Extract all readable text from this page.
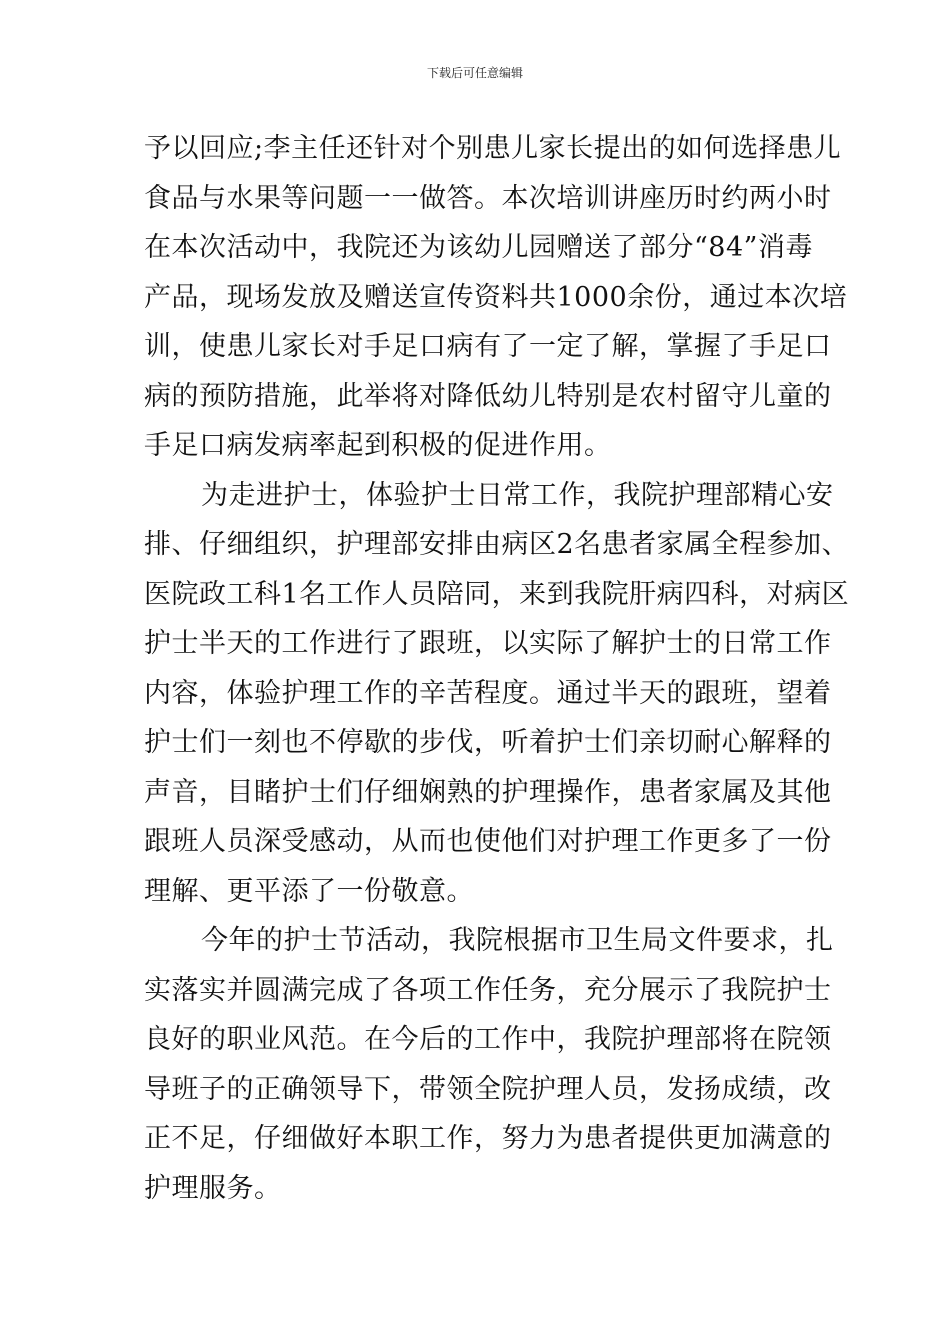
下载后可任意编辑
予以回应;李主任还针对个别患儿家长提出的如何选择患儿
食品与水果等问题一一做答。本次培训讲座历时约两小时
在本次活动中，我院还为该幼儿园赠送了部分“84”消毒
产品，现场发放及赠送宣传资料共1000余份，通过本次培
训，使患儿家长对手足口病有了一定了解，掌握了手足口
病的预防措施，此举将对降低幼儿特别是农村留守儿童的
手足口病发病率起到积极的促进作用。
为走进护士，体验护士日常工作，我院护理部精心安
排、仔细组织，护理部安排由病区2名患者家属全程参加、
医院政工科1名工作人员陪同，来到我院肝病四科，对病区
护士半天的工作进行了跟班，以实际了解护士的日常工作
内容，体验护理工作的辛苦程度。通过半天的跟班，望着
护士们一刻也不停歇的步伐，听着护士们亲切耐心解释的
声音，目睹护士们仔细娴熟的护理操作，患者家属及其他
跟班人员深受感动，从而也使他们对护理工作更多了一份
理解、更平添了一份敬意。
今年的护士节活动，我院根据市卫生局文件要求，扎
实落实并圆满完成了各项工作任务，充分展示了我院护士
良好的职业风范。在今后的工作中，我院护理部将在院领
导班子的正确领导下，带领全院护理人员，发扬成绩，改
正不足，仔细做好本职工作，努力为患者提供更加满意的
护理服务。
